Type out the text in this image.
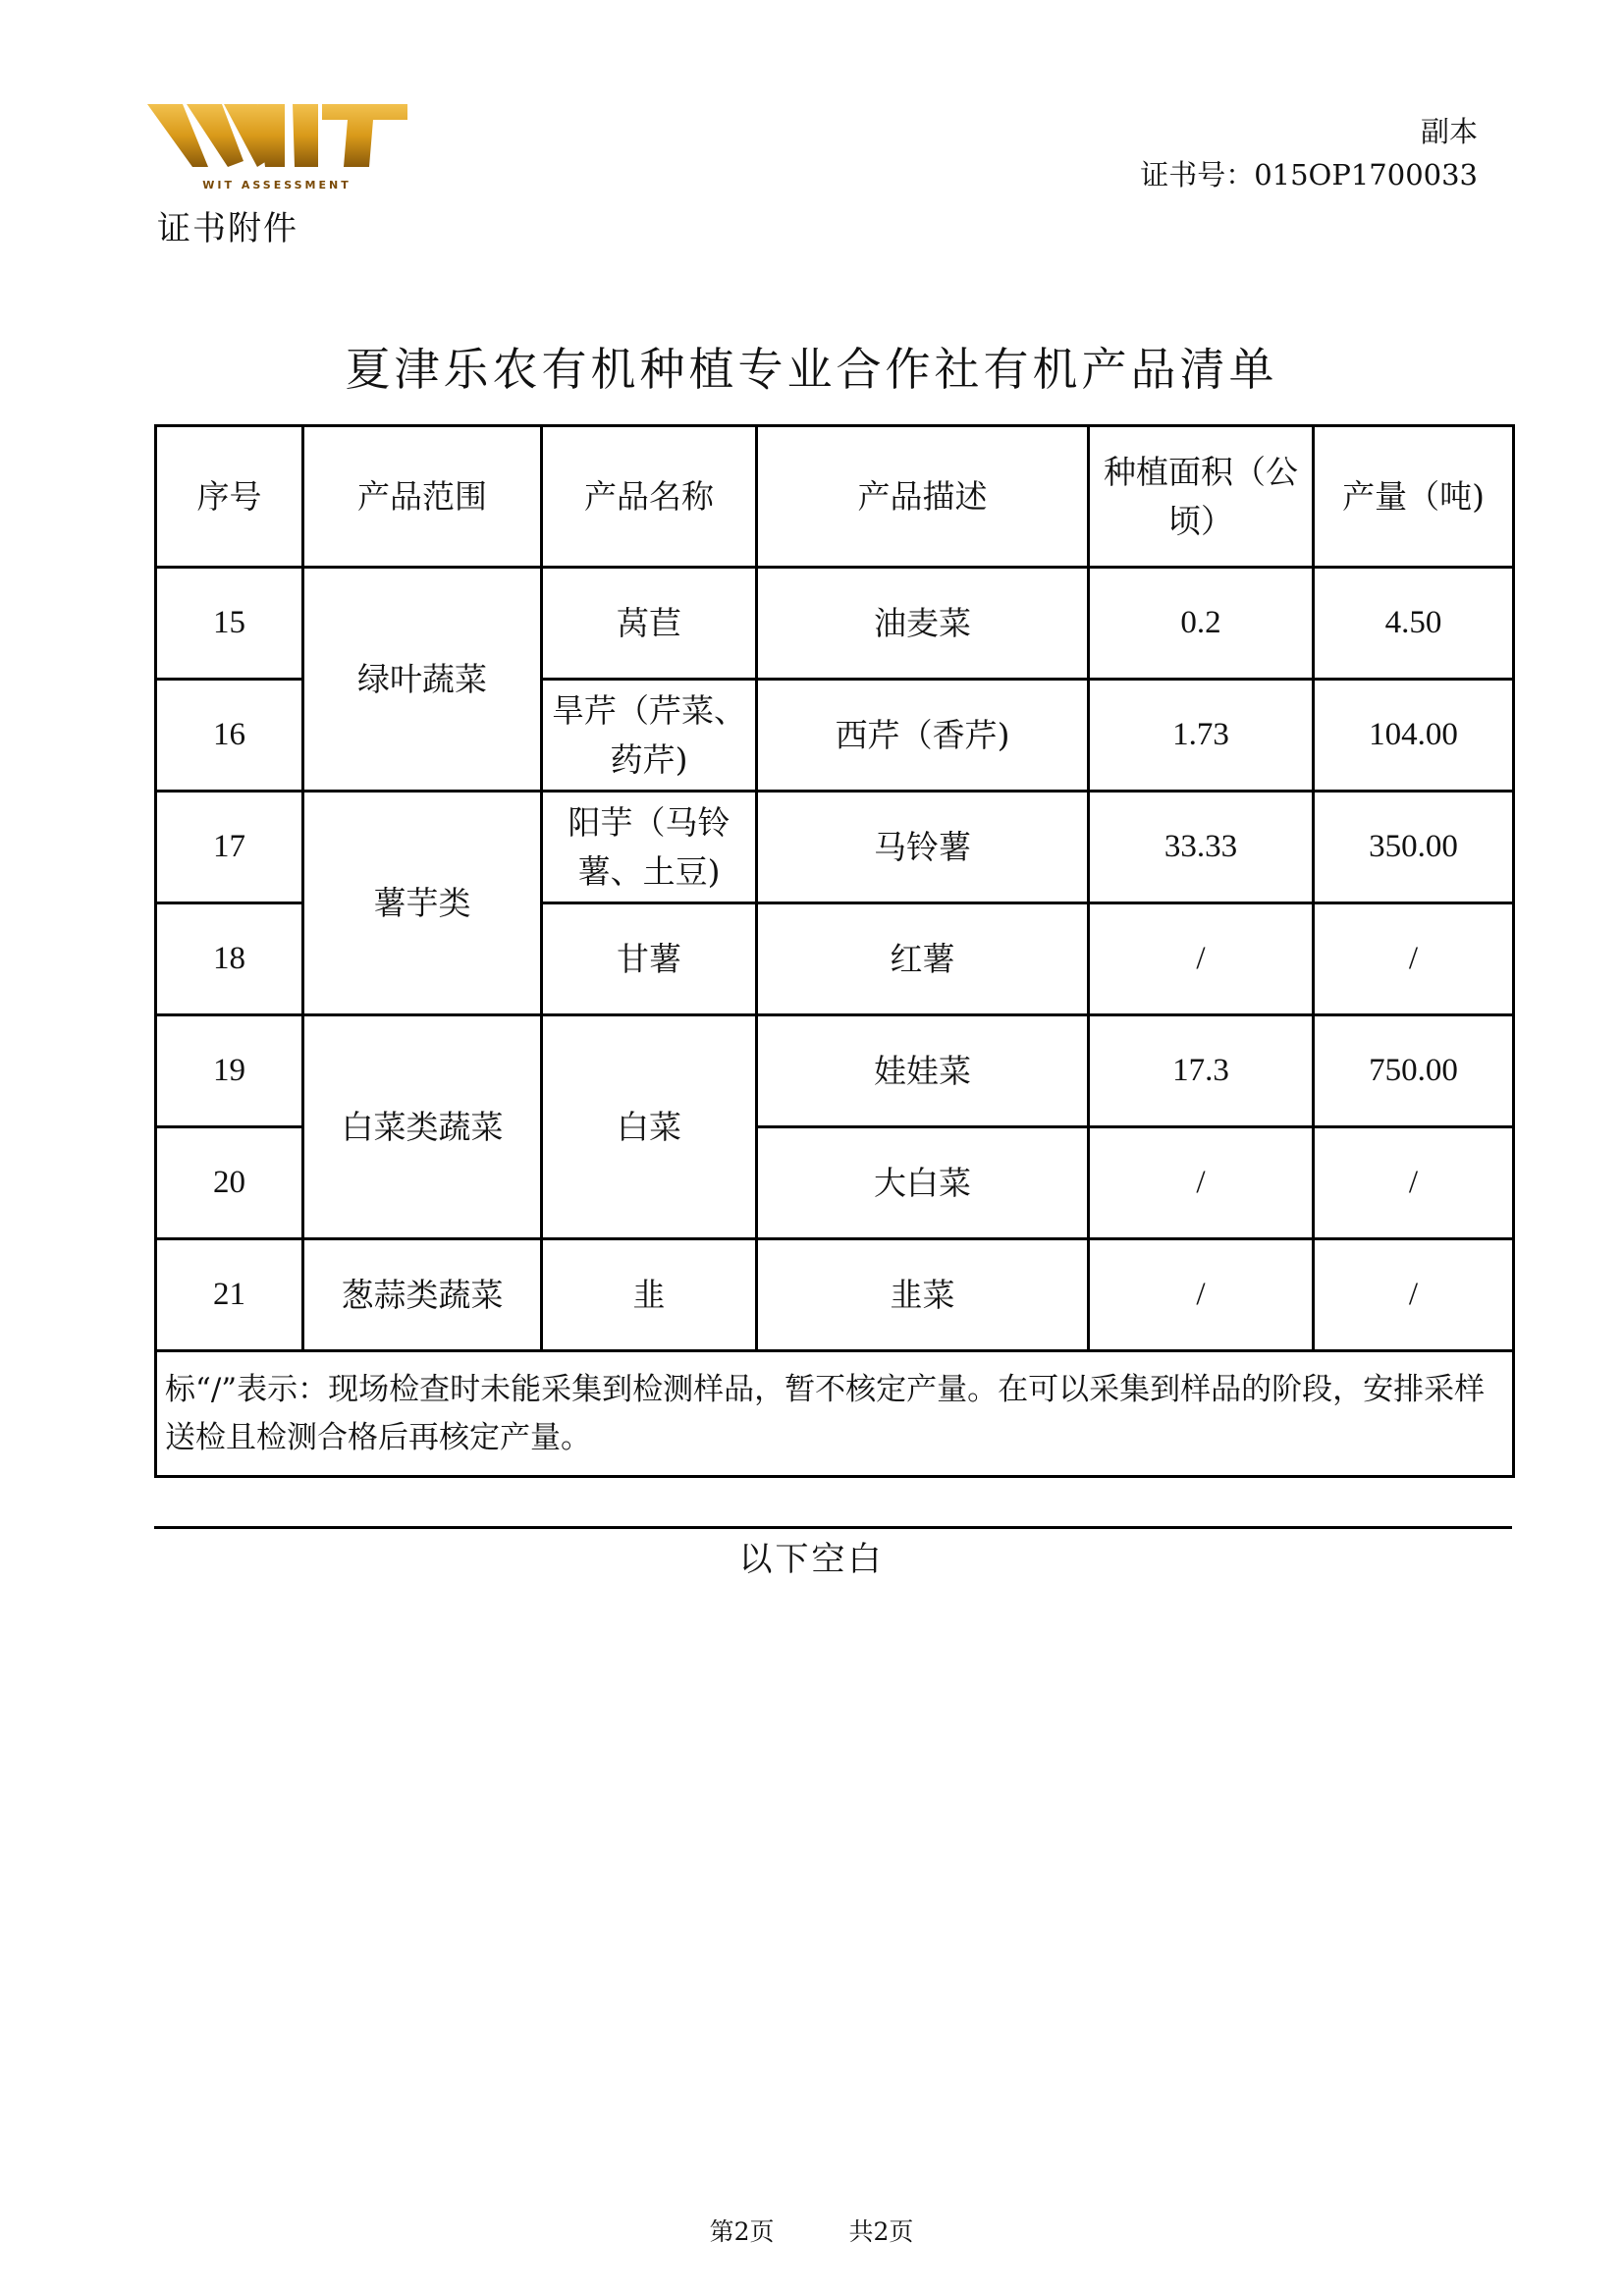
WIT ASSESSMENT
证书附件
副本
证书号：015OP1700033
夏津乐农有机种植专业合作社有机产品清单
序号	产品范围	产品名称	产品描述	种植面积（公顷）	产量（吨)
15	绿叶蔬菜	莴苣	油麦菜	0.2	4.50
16		旱芹（芹菜、药芹)	西芹（香芹)	1.73	104.00
17	薯芋类	阳芋（马铃薯、土豆)	马铃薯	33.33	350.00
18		甘薯	红薯	/	/
19	白菜类蔬菜	白菜	娃娃菜	17.3	750.00
20			大白菜	/	/
21	葱蒜类蔬菜	韭	韭菜	/	/
标“/”表示：现场检查时未能采集到检测样品，暂不核定产量。在可以采集到样品的阶段，安排采样送检且检测合格后再核定产量。					
以下空白
第2页	共2页
